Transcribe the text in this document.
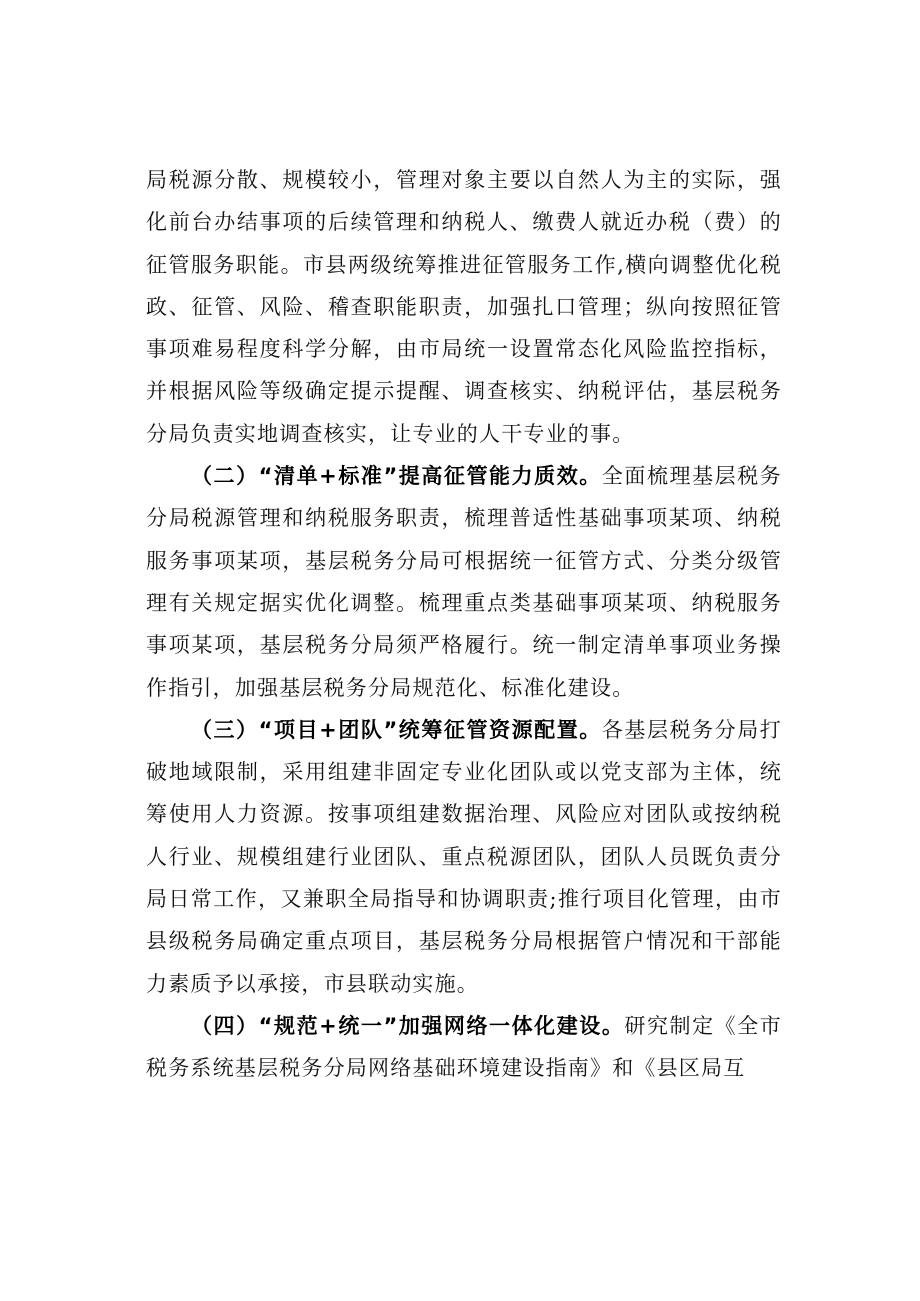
局税源分散、规模较小，管理对象主要以自然人为主的实际，强化前台办结事项的后续管理和纳税人、缴费人就近办税（费）的征管服务职能。市县两级统筹推进征管服务工作,横向调整优化税政、征管、风险、稽查职能职责，加强扎口管理；纵向按照征管事项难易程度科学分解，由市局统一设置常态化风险监控指标，并根据风险等级确定提示提醒、调查核实、纳税评估，基层税务分局负责实地调查核实，让专业的人干专业的事。

（二）“清单+标准”提高征管能力质效。全面梳理基层税务分局税源管理和纳税服务职责，梳理普适性基础事项某项、纳税服务事项某项，基层税务分局可根据统一征管方式、分类分级管理有关规定据实优化调整。梳理重点类基础事项某项、纳税服务事项某项，基层税务分局须严格履行。统一制定清单事项业务操作指引，加强基层税务分局规范化、标准化建设。

（三）“项目+团队”统筹征管资源配置。各基层税务分局打破地域限制，采用组建非固定专业化团队或以党支部为主体，统筹使用人力资源。按事项组建数据治理、风险应对团队或按纳税人行业、规模组建行业团队、重点税源团队，团队人员既负责分局日常工作，又兼职全局指导和协调职责;推行项目化管理，由市县级税务局确定重点项目，基层税务分局根据管户情况和干部能力素质予以承接，市县联动实施。

（四）“规范+统一”加强网络一体化建设。研究制定《全市税务系统基层税务分局网络基础环境建设指南》和《县区局互
